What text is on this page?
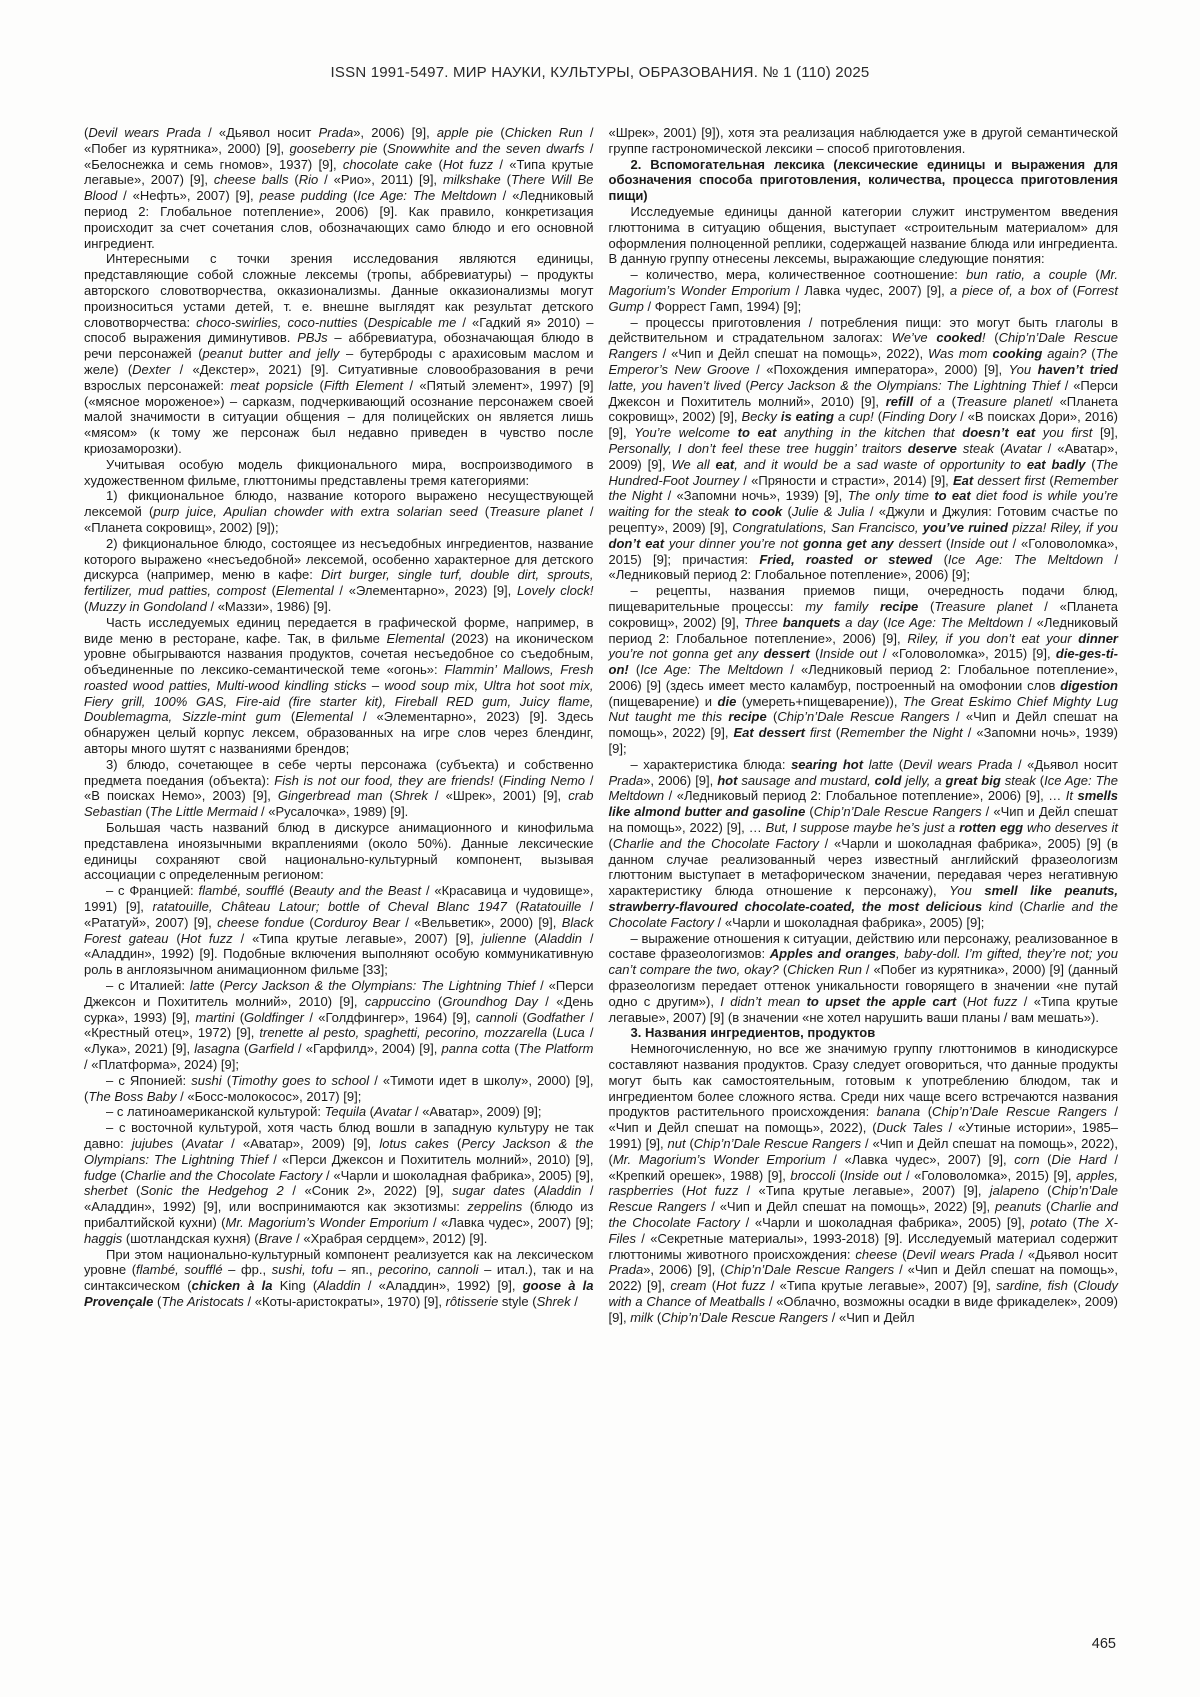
ISSN 1991-5497. МИР НАУКИ, КУЛЬТУРЫ, ОБРАЗОВАНИЯ. № 1 (110) 2025

(Devil wears Prada / «Дьявол носит Prada», 2006) [9], apple pie (Chicken Run / «Побег из курятника», 2000) [9], gooseberry pie (Snowwhite and the seven dwarfs / «Белоснежка и семь гномов», 1937) [9], chocolate cake (Hot fuzz / «Типа крутые легавые», 2007) [9], cheese balls (Rio / «Рио», 2011) [9], milkshake (There Will Be Blood / «Нефть», 2007) [9], pease pudding (Ice Age: The Meltdown / «Ледниковый период 2: Глобальное потепление», 2006) [9]. Как правило, конкретизация происходит за счет сочетания слов, обозначающих само блюдо и его основной ингредиент.

Интересными с точки зрения исследования являются единицы, представляющие собой сложные лексемы (тропы, аббревиатуры) – продукты авторского словотворчества, окказионализмы. Данные окказионализмы могут произноситься устами детей, т. е. внешне выглядят как результат детского словотворчества: choco-swirlies, coco-nutties (Despicable me / «Гадкий я» 2010) – способ выражения диминутивов. PBJs – аббревиатура, обозначающая блюдо в речи персонажей (peanut butter and jelly – бутерброды с арахисовым маслом и желе) (Dexter / «Декстер», 2021) [9]. Ситуативные словообразования в речи взрослых персонажей: meat popsicle (Fifth Element / «Пятый элемент», 1997) [9] («мясное мороженое») – сарказм, подчеркивающий осознание персонажем своей малой значимости в ситуации общения – для полицейских он является лишь «мясом» (к тому же персонаж был недавно приведен в чувство после криозаморозки).

Учитывая особую модель фикционального мира, воспроизводимого в художественном фильме, глюттонимы представлены тремя категориями:

1) фикциональное блюдо, название которого выражено несуществующей лексемой (purp juice, Apulian chowder with extra solarian seed (Treasure planet / «Планета сокровищ», 2002) [9]);

2) фикциональное блюдо, состоящее из несъедобных ингредиентов, название которого выражено «несъедобной» лексемой, особенно характерное для детского дискурса (например, меню в кафе: Dirt burger, single turf, double dirt, sprouts, fertilizer, mud patties, compost (Elemental / «Элементарно», 2023) [9], Lovely clock! (Muzzy in Gondoland / «Маззи», 1986) [9].

Часть исследуемых единиц передается в графической форме, например, в виде меню в ресторане, кафе. Так, в фильме Elemental (2023) на иконическом уровне обыгрываются названия продуктов, сочетая несъедобное со съедобным, объединенные по лексико-семантической теме «огонь»: Flammin’ Mallows, Fresh roasted wood patties, Multi-wood kindling sticks – wood soup mix, Ultra hot soot mix, Fiery grill, 100% GAS, Fire-aid (fire starter kit), Fireball RED gum, Juicy flame, Doublemagma, Sizzle-mint gum (Elemental / «Элементарно», 2023) [9]. Здесь обнаружен целый корпус лексем, образованных на игре слов через блендинг, авторы много шутят с названиями брендов;

3) блюдо, сочетающее в себе черты персонажа (субъекта) и собственно предмета поедания (объекта): Fish is not our food, they are friends! (Finding Nemo / «В поисках Немо», 2003) [9], Gingerbread man (Shrek / «Шрек», 2001) [9], crab Sebastian (The Little Mermaid / «Русалочка», 1989) [9].

Большая часть названий блюд в дискурсе анимационного и кинофильма представлена иноязычными вкраплениями (около 50%). Данные лексические единицы сохраняют свой национально-культурный компонент, вызывая ассоциации с определенным регионом:

– с Францией: flambé, soufflé (Beauty and the Beast / «Красавица и чудовище», 1991) [9], ratatouille, Château Latour; bottle of Cheval Blanc 1947 (Ratatouille / «Рататуй», 2007) [9], cheese fondue (Corduroy Bear / «Вельветик», 2000) [9], Black Forest gateau (Hot fuzz / «Типа крутые легавые», 2007) [9], julienne (Aladdin / «Аладдин», 1992) [9]. Подобные включения выполняют особую коммуникативную роль в англоязычном анимационном фильме [33];

– с Италией: latte (Percy Jackson & the Olympians: The Lightning Thief / «Перси Джексон и Похититель молний», 2010) [9], cappuccino (Groundhog Day / «День сурка», 1993) [9], martini (Goldfinger / «Голдфингер», 1964) [9], cannoli (Godfather / «Крестный отец», 1972) [9], trenette al pesto, spaghetti, pecorino, mozzarella (Luca / «Лука», 2021) [9], lasagna (Garfield / «Гарфилд», 2004) [9], panna cotta (The Platform / «Платформа», 2024) [9];

– с Японией: sushi (Timothy goes to school / «Тимоти идет в школу», 2000) [9], (The Boss Baby / «Босс-молокосос», 2017) [9];

– с латиноамериканской культурой: Tequila (Avatar / «Аватар», 2009) [9];

– с восточной культурой, хотя часть блюд вошли в западную культуру не так давно: jujubes (Avatar / «Аватар», 2009) [9], lotus cakes (Percy Jackson & the Olympians: The Lightning Thief / «Перси Джексон и Похититель молний», 2010) [9], fudge (Charlie and the Chocolate Factory / «Чарли и шоколадная фабрика», 2005) [9], sherbet (Sonic the Hedgehog 2 / «Соник 2», 2022) [9], sugar dates (Aladdin / «Аладдин», 1992) [9], или воспринимаются как экзотизмы: zeppelins (блюдо из прибалтийской кухни) (Mr. Magorium’s Wonder Emporium / «Лавка чудес», 2007) [9]; haggis (шотландская кухня) (Brave / «Храбрая сердцем», 2012) [9].

При этом национально-культурный компонент реализуется как на лексическом уровне (flambé, soufflé – фр., sushi, tofu – яп., pecorino, cannoli – итал.), так и на синтаксическом (chicken à la King (Aladdin / «Аладдин», 1992) [9], goose à la Provençale (The Aristocats / «Коты-аристократы», 1970) [9], rôtisserie style (Shrek /

«Шрек», 2001) [9]), хотя эта реализация наблюдается уже в другой семантической группе гастрономической лексики – способ приготовления.

2. Вспомогательная лексика (лексические единицы и выражения для обозначения способа приготовления, количества, процесса приготовления пищи)

Исследуемые единицы данной категории служит инструментом введения глюттонима в ситуацию общения, выступает «строительным материалом» для оформления полноценной реплики, содержащей название блюда или ингредиента. В данную группу отнесены лексемы, выражающие следующие понятия:

– количество, мера, количественное соотношение: bun ratio, a couple (Mr. Magorium’s Wonder Emporium / Лавка чудес, 2007) [9], a piece of, a box of (Forrest Gump / Форрест Гамп, 1994) [9];

– процессы приготовления / потребления пищи: это могут быть глаголы в действительном и страдательном залогах: We’ve cooked! (Chip’n’Dale Rescue Rangers / «Чип и Дейл спешат на помощь», 2022), Was mom cooking again? (The Emperor’s New Groove / «Похождения императора», 2000) [9], You haven’t tried latte, you haven’t lived (Percy Jackson & the Olympians: The Lightning Thief / «Перси Джексон и Похититель молний», 2010) [9], refill of a (Treasure planet/ «Планета сокровищ», 2002) [9], Becky is eating a cup! (Finding Dory / «В поисках Дори», 2016) [9], You’re welcome to eat anything in the kitchen that doesn’t eat you first [9], Personally, I don’t feel these tree huggin’ traitors deserve steak (Avatar / «Аватар», 2009) [9], We all eat, and it would be a sad waste of opportunity to eat badly (The Hundred-Foot Journey / «Пряности и страсти», 2014) [9], Eat dessert first (Remember the Night / «Запомни ночь», 1939) [9], The only time to eat diet food is while you’re waiting for the steak to cook (Julie & Julia / «Джули и Джулия: Готовим счастье по рецепту», 2009) [9], Congratulations, San Francisco, you’ve ruined pizza! Riley, if you don’t eat your dinner you’re not gonna get any dessert (Inside out / «Головоломка», 2015) [9]; причастия: Fried, roasted or stewed (Ice Age: The Meltdown / «Ледниковый период 2: Глобальное потепление», 2006) [9];

– рецепты, названия приемов пищи, очередность подачи блюд, пищеварительные процессы: my family recipe (Treasure planet / «Планета сокровищ», 2002) [9], Three banquets a day (Ice Age: The Meltdown / «Ледниковый период 2: Глобальное потепление», 2006) [9], Riley, if you don’t eat your dinner you’re not gonna get any dessert (Inside out / «Головоломка», 2015) [9], die-ges-ti-on! (Ice Age: The Meltdown / «Ледниковый период 2: Глобальное потепление», 2006) [9] (здесь имеет место каламбур, построенный на омофонии слов digestion (пищеварение) и die (умереть+пищеварение)), The Great Eskimo Chief Mighty Lug Nut taught me this recipe (Chip’n’Dale Rescue Rangers / «Чип и Дейл спешат на помощь», 2022) [9], Eat dessert first (Remember the Night / «Запомни ночь», 1939) [9];

– характеристика блюда: searing hot latte (Devil wears Prada / «Дьявол носит Prada», 2006) [9], hot sausage and mustard, cold jelly, a great big steak (Ice Age: The Meltdown / «Ледниковый период 2: Глобальное потепление», 2006) [9], … It smells like almond butter and gasoline (Chip’n’Dale Rescue Rangers / «Чип и Дейл спешат на помощь», 2022) [9], … But, I suppose maybe he’s just a rotten egg who deserves it (Charlie and the Chocolate Factory / «Чарли и шоколадная фабрика», 2005) [9] (в данном случае реализованный через известный английский фразеологизм глюттоним выступает в метафорическом значении, передавая через негативную характеристику блюда отношение к персонажу), You smell like peanuts, strawberry-flavoured chocolate-coated, the most delicious kind (Charlie and the Chocolate Factory / «Чарли и шоколадная фабрика», 2005) [9];

– выражение отношения к ситуации, действию или персонажу, реализованное в составе фразеологизмов: Apples and oranges, baby-doll. I’m gifted, they’re not; you can’t compare the two, okay? (Chicken Run / «Побег из курятника», 2000) [9] (данный фразеологизм передает оттенок уникальности говорящего в значении «не путай одно с другим»), I didn’t mean to upset the apple cart (Hot fuzz / «Типа крутые легавые», 2007) [9] (в значении «не хотел нарушить ваши планы / вам мешать»).

3. Названия ингредиентов, продуктов

Немногочисленную, но все же значимую группу глюттонимов в кинодискурсе составляют названия продуктов. Сразу следует оговориться, что данные продукты могут быть как самостоятельным, готовым к употреблению блюдом, так и ингредиентом более сложного яства. Среди них чаще всего встречаются названия продуктов растительного происхождения: banana (Chip’n’Dale Rescue Rangers / «Чип и Дейл спешат на помощь», 2022), (Duck Tales / «Утиные истории», 1985–1991) [9], nut (Chip’n’Dale Rescue Rangers / «Чип и Дейл спешат на помощь», 2022), (Mr. Magorium’s Wonder Emporium / «Лавка чудес», 2007) [9], corn (Die Hard / «Крепкий орешек», 1988) [9], broccoli (Inside out / «Головоломка», 2015) [9], apples, raspberries (Hot fuzz / «Типа крутые легавые», 2007) [9], jalapeno (Chip’n’Dale Rescue Rangers / «Чип и Дейл спешат на помощь», 2022) [9], peanuts (Charlie and the Chocolate Factory / «Чарли и шоколадная фабрика», 2005) [9], potato (The X-Files / «Секретные материалы», 1993-2018) [9]. Исследуемый материал содержит глюттонимы животного происхождения: cheese (Devil wears Prada / «Дьявол носит Prada», 2006) [9], (Chip’n’Dale Rescue Rangers / «Чип и Дейл спешат на помощь», 2022) [9], cream (Hot fuzz / «Типа крутые легавые», 2007) [9], sardine, fish (Cloudy with a Chance of Meatballs / «Облачно, возможны осадки в виде фрикаделек», 2009) [9], milk (Chip’n’Dale Rescue Rangers / «Чип и Дейл

465
